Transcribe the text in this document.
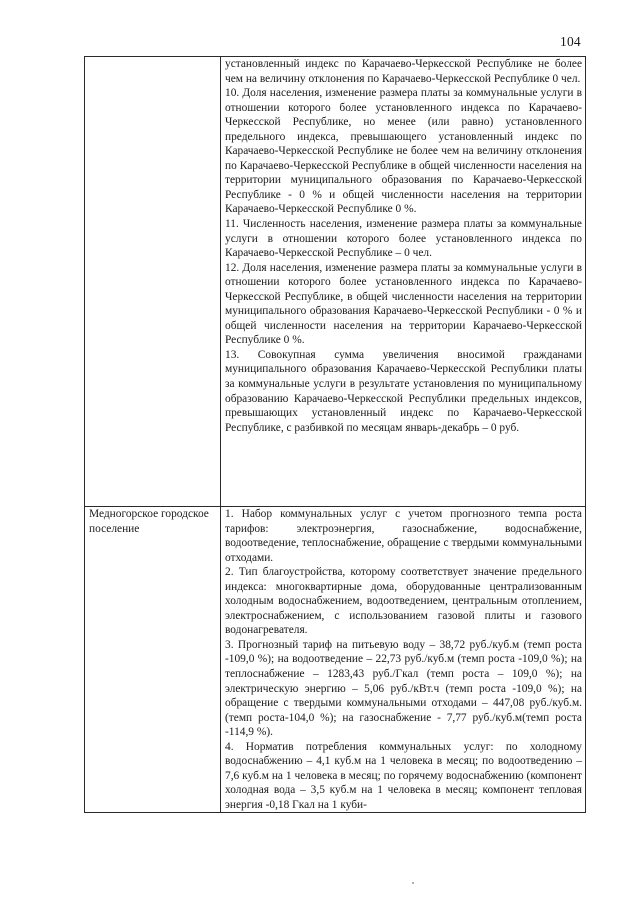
104

	установленный индекс по Карачаево-Черкесской Республике не более чем на величину отклонения по Карачаево-Черкесской Республике 0 чел.

10. Доля населения, изменение размера платы за коммунальные услуги в отношении которого более установленного индекса по Карачаево-Черкесской Республике, но менее (или равно) установленного предельного индекса, превышающего установленный индекс по Карачаево-Черкесской Республике не более чем на величину отклонения по Карачаево-Черкесской Республике в общей численности населения на территории муниципального образования по Карачаево-Черкесской Республике - 0 % и общей численности населения на территории Карачаево-Черкесской Республике 0 %.

11. Численность населения, изменение размера платы за коммунальные услуги в отношении которого более установленного индекса по Карачаево-Черкесской Республике – 0 чел.

12. Доля населения, изменение размера платы за коммунальные услуги в отношении которого более установленного индекса по Карачаево-Черкесской Республике, в общей численности населения на территории муниципального образования Карачаево-Черкесской Республики - 0 % и общей численности населения на территории Карачаево-Черкесской Республике 0 %.

13. Совокупная сумма увеличения вносимой гражданами муниципального образования Карачаево-Черкесской Республики платы за коммунальные услуги в результате установления по муниципальному образованию Карачаево-Черкесской Республики предельных индексов, превышающих установленный индекс по Карачаево-Черкесской Республике, с разбивкой по месяцам январь-декабрь – 0 руб.

Медногорское городское поселение	1. Набор коммунальных услуг с учетом прогнозного темпа роста тарифов: электроэнергия, газоснабжение, водоснабжение, водоотведение, теплоснабжение, обращение с твердыми коммунальными отходами.

2. Тип благоустройства, которому соответствует значение предельного индекса: многоквартирные дома, оборудованные централизованным холодным водоснабжением, водоотведением, центральным отоплением, электроснабжением, с использованием газовой плиты и газового водонагревателя.

3. Прогнозный тариф на питьевую воду – 38,72 руб./куб.м (темп роста -109,0 %); на водоотведение – 22,73 руб./куб.м (темп роста -109,0 %); на теплоснабжение – 1283,43 руб./Гкал (темп роста – 109,0 %); на электрическую энергию – 5,06 руб./кВт.ч (темп роста -109,0 %); на обращение с твердыми коммунальными отходами – 447,08 руб./куб.м. (темп роста-104,0 %); на газоснабжение - 7,77 руб./куб.м(темп роста -114,9 %).

4. Норматив потребления коммунальных услуг: по холодному водоснабжению – 4,1 куб.м на 1 человека в месяц; по водоотведению – 7,6 куб.м на 1 человека в месяц; по горячему водоснабжению (компонент холодная вода – 3,5 куб.м на 1 человека в месяц; компонент тепловая энергия -0,18 Гкал на 1 куби-
